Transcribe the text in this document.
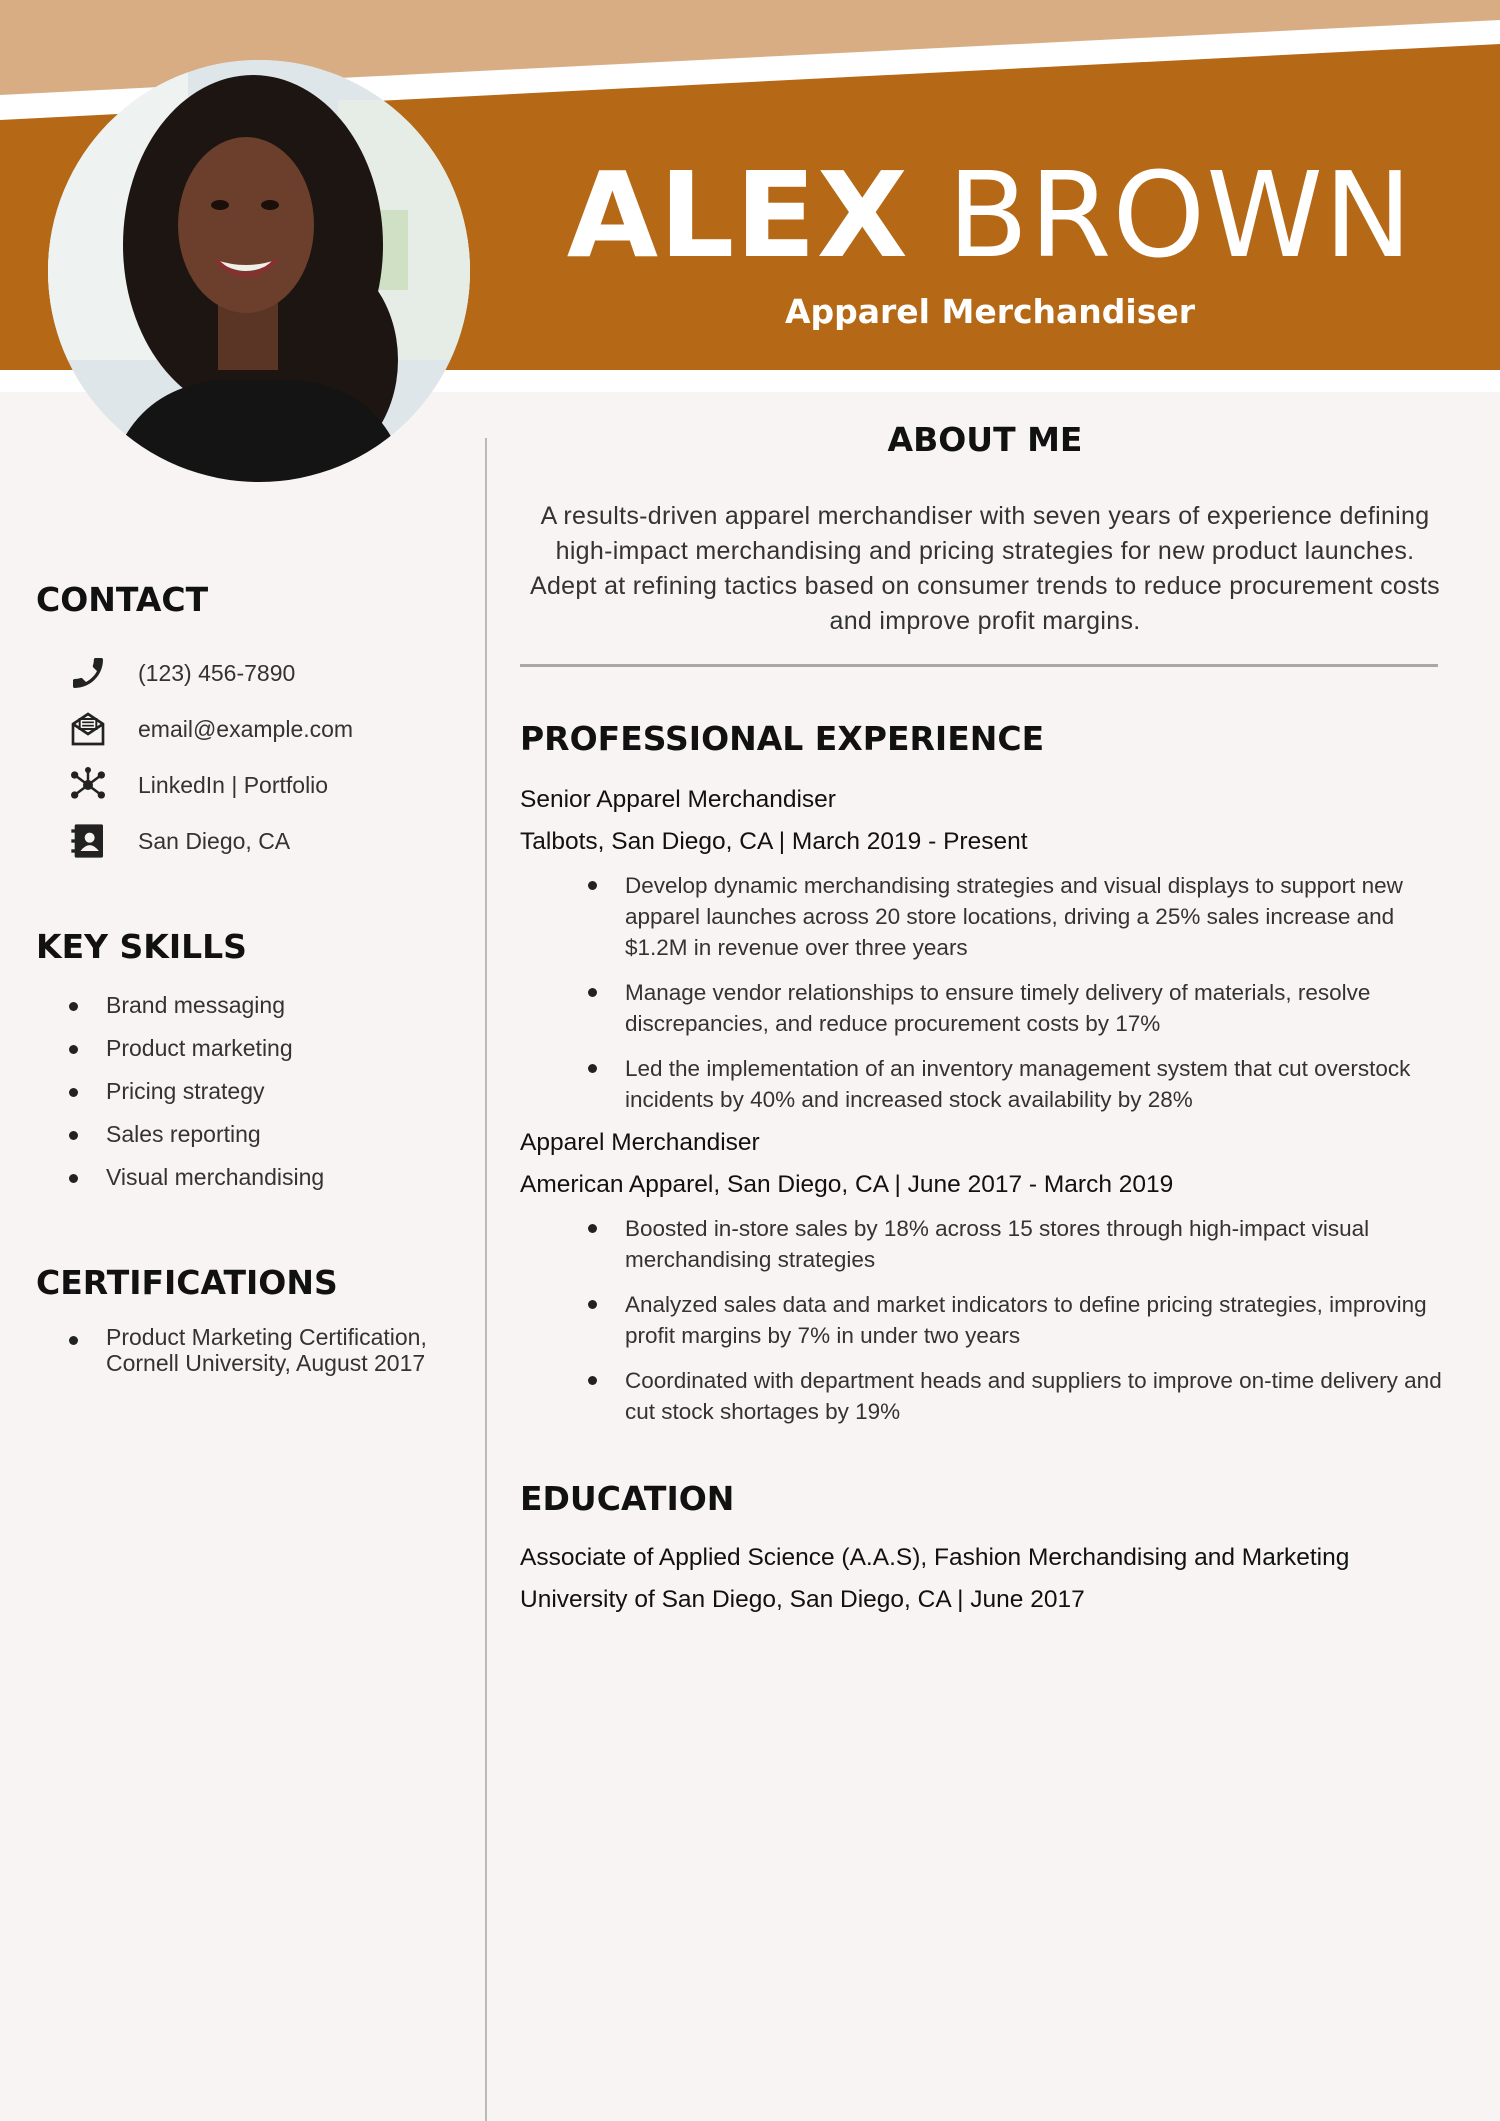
ALEX BROWN
Apparel Merchandiser
CONTACT
(123) 456-7890
email@example.com
LinkedIn | Portfolio
San Diego, CA
KEY SKILLS
Brand messaging
Product marketing
Pricing strategy
Sales reporting
Visual merchandising
CERTIFICATIONS
Product Marketing Certification, Cornell University, August 2017
ABOUT ME

A results-driven apparel merchandiser with seven years of experience defining high-impact merchandising and pricing strategies for new product launches. Adept at refining tactics based on consumer trends to reduce procurement costs and improve profit margins.

PROFESSIONAL EXPERIENCE
Senior Apparel Merchandiser
Talbots, San Diego, CA | March 2019 - Present
Develop dynamic merchandising strategies and visual displays to support new apparel launches across 20 store locations, driving a 25% sales increase and $1.2M in revenue over three years
Manage vendor relationships to ensure timely delivery of materials, resolve discrepancies, and reduce procurement costs by 17%
Led the implementation of an inventory management system that cut overstock incidents by 40% and increased stock availability by 28%
Apparel Merchandiser
American Apparel, San Diego, CA | June 2017 - March 2019
Boosted in-store sales by 18% across 15 stores through high-impact visual merchandising strategies
Analyzed sales data and market indicators to define pricing strategies, improving profit margins by 7% in under two years
Coordinated with department heads and suppliers to improve on-time delivery and cut stock shortages by 19%
EDUCATION
Associate of Applied Science (A.A.S), Fashion Merchandising and Marketing
University of San Diego, San Diego, CA | June 2017
